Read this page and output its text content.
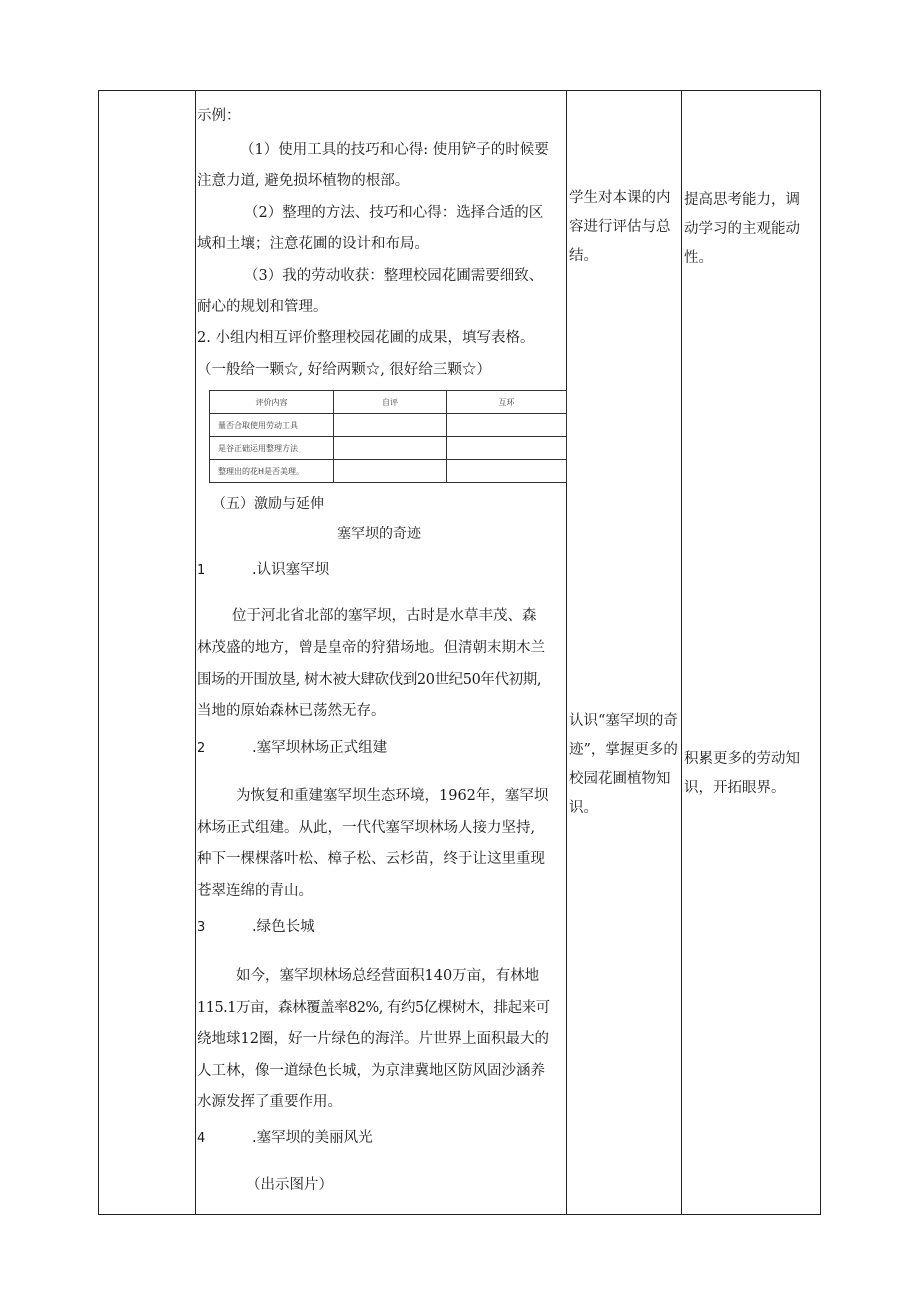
示例：
（1）使用工具的技巧和心得: 使用铲子的时候要
注意力道, 避免损坏植物的根部。
（2）整理的方法、技巧和心得：选择合适的区
域和土壤；注意花圃的设计和布局。
（3）我的劳动收获：整理校园花圃需要细致、
耐心的规划和管理。
2. 小组内相互评价整理校园花圃的成果，填写表格。
（一般给一颗☆, 好给两颗☆, 很好给三颗☆）
评价内容	自评	互环
量否合取使用劳动工具		
是谷正础运用整理方法		
整理出的花H是否美理。		
（五）激励与延伸
塞罕坝的奇迹
1	.认识塞罕坝
位于河北省北部的塞罕坝，古时是水草丰茂、森
林茂盛的地方，曾是皇帝的狩猎场地。但清朝末期木兰
围场的开围放垦, 树木被大肆砍伐到20世纪50年代初期,
当地的原始森林已荡然无存。
2	.塞罕坝林场正式组建
为恢复和重建塞罕坝生态环境，1962年，塞罕坝
林场正式组建。从此，一代代塞罕坝林场人接力坚持,
种下一棵棵落叶松、樟子松、云杉苗，终于让这里重现
苍翠连绵的青山。
3	.绿色长城
如今，塞罕坝林场总经营面积140万亩，有林地
115.1万亩，森林覆盖率82%, 有约5亿棵树木，排起来可
绕地球12圈，好一片绿色的海洋。片世界上面积最大的
人工林，像一道绿色长城，为京津冀地区防风固沙涵养
水源发挥了重要作用。
4	.塞罕坝的美丽风光
（出示图片）
学生对本课的内容进行评估与总结。
认识“塞罕坝的奇迹”，掌握更多的校园花圃植物知识。
提高思考能力，调动学习的主观能动性。
积累更多的劳动知识，开拓眼界。
